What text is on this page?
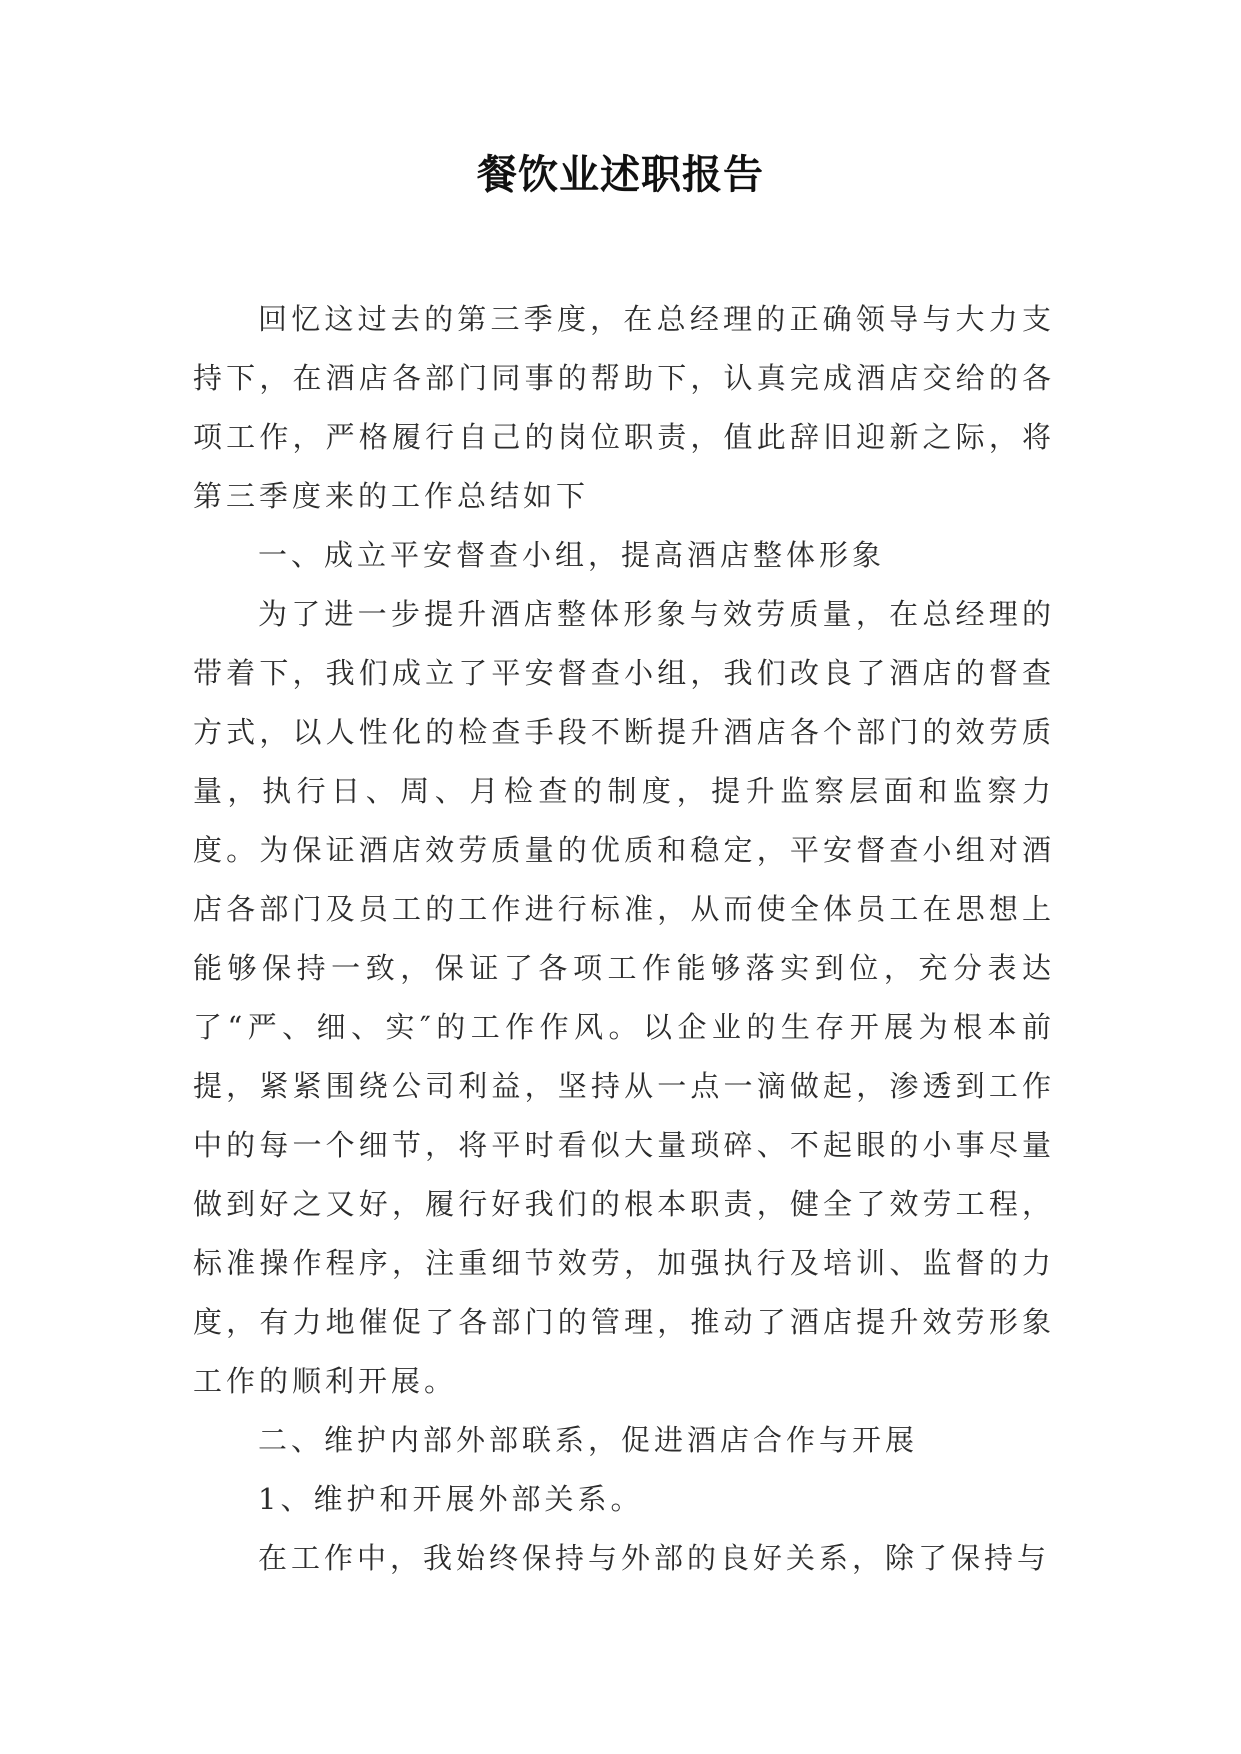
餐饮业述职报告

回忆这过去的第三季度，在总经理的正确领导与大力支持下，在酒店各部门同事的帮助下，认真完成酒店交给的各项工作，严格履行自己的岗位职责，值此辞旧迎新之际，将第三季度来的工作总结如下

一、成立平安督查小组，提高酒店整体形象

为了进一步提升酒店整体形象与效劳质量，在总经理的带着下，我们成立了平安督查小组，我们改良了酒店的督查方式，以人性化的检查手段不断提升酒店各个部门的效劳质量，执行日、周、月检查的制度，提升监察层面和监察力度。为保证酒店效劳质量的优质和稳定，平安督查小组对酒店各部门及员工的工作进行标准，从而使全体员工在思想上能够保持一致，保证了各项工作能够落实到位，充分表达了“严、细、实″的工作作风。以企业的生存开展为根本前提，紧紧围绕公司利益，坚持从一点一滴做起，渗透到工作中的每一个细节，将平时看似大量琐碎、不起眼的小事尽量做到好之又好，履行好我们的根本职责，健全了效劳工程，标准操作程序，注重细节效劳，加强执行及培训、监督的力度，有力地催促了各部门的管理，推动了酒店提升效劳形象工作的顺利开展。

二、维护内部外部联系，促进酒店合作与开展

1、维护和开展外部关系。

在工作中，我始终保持与外部的良好关系，除了保持与
